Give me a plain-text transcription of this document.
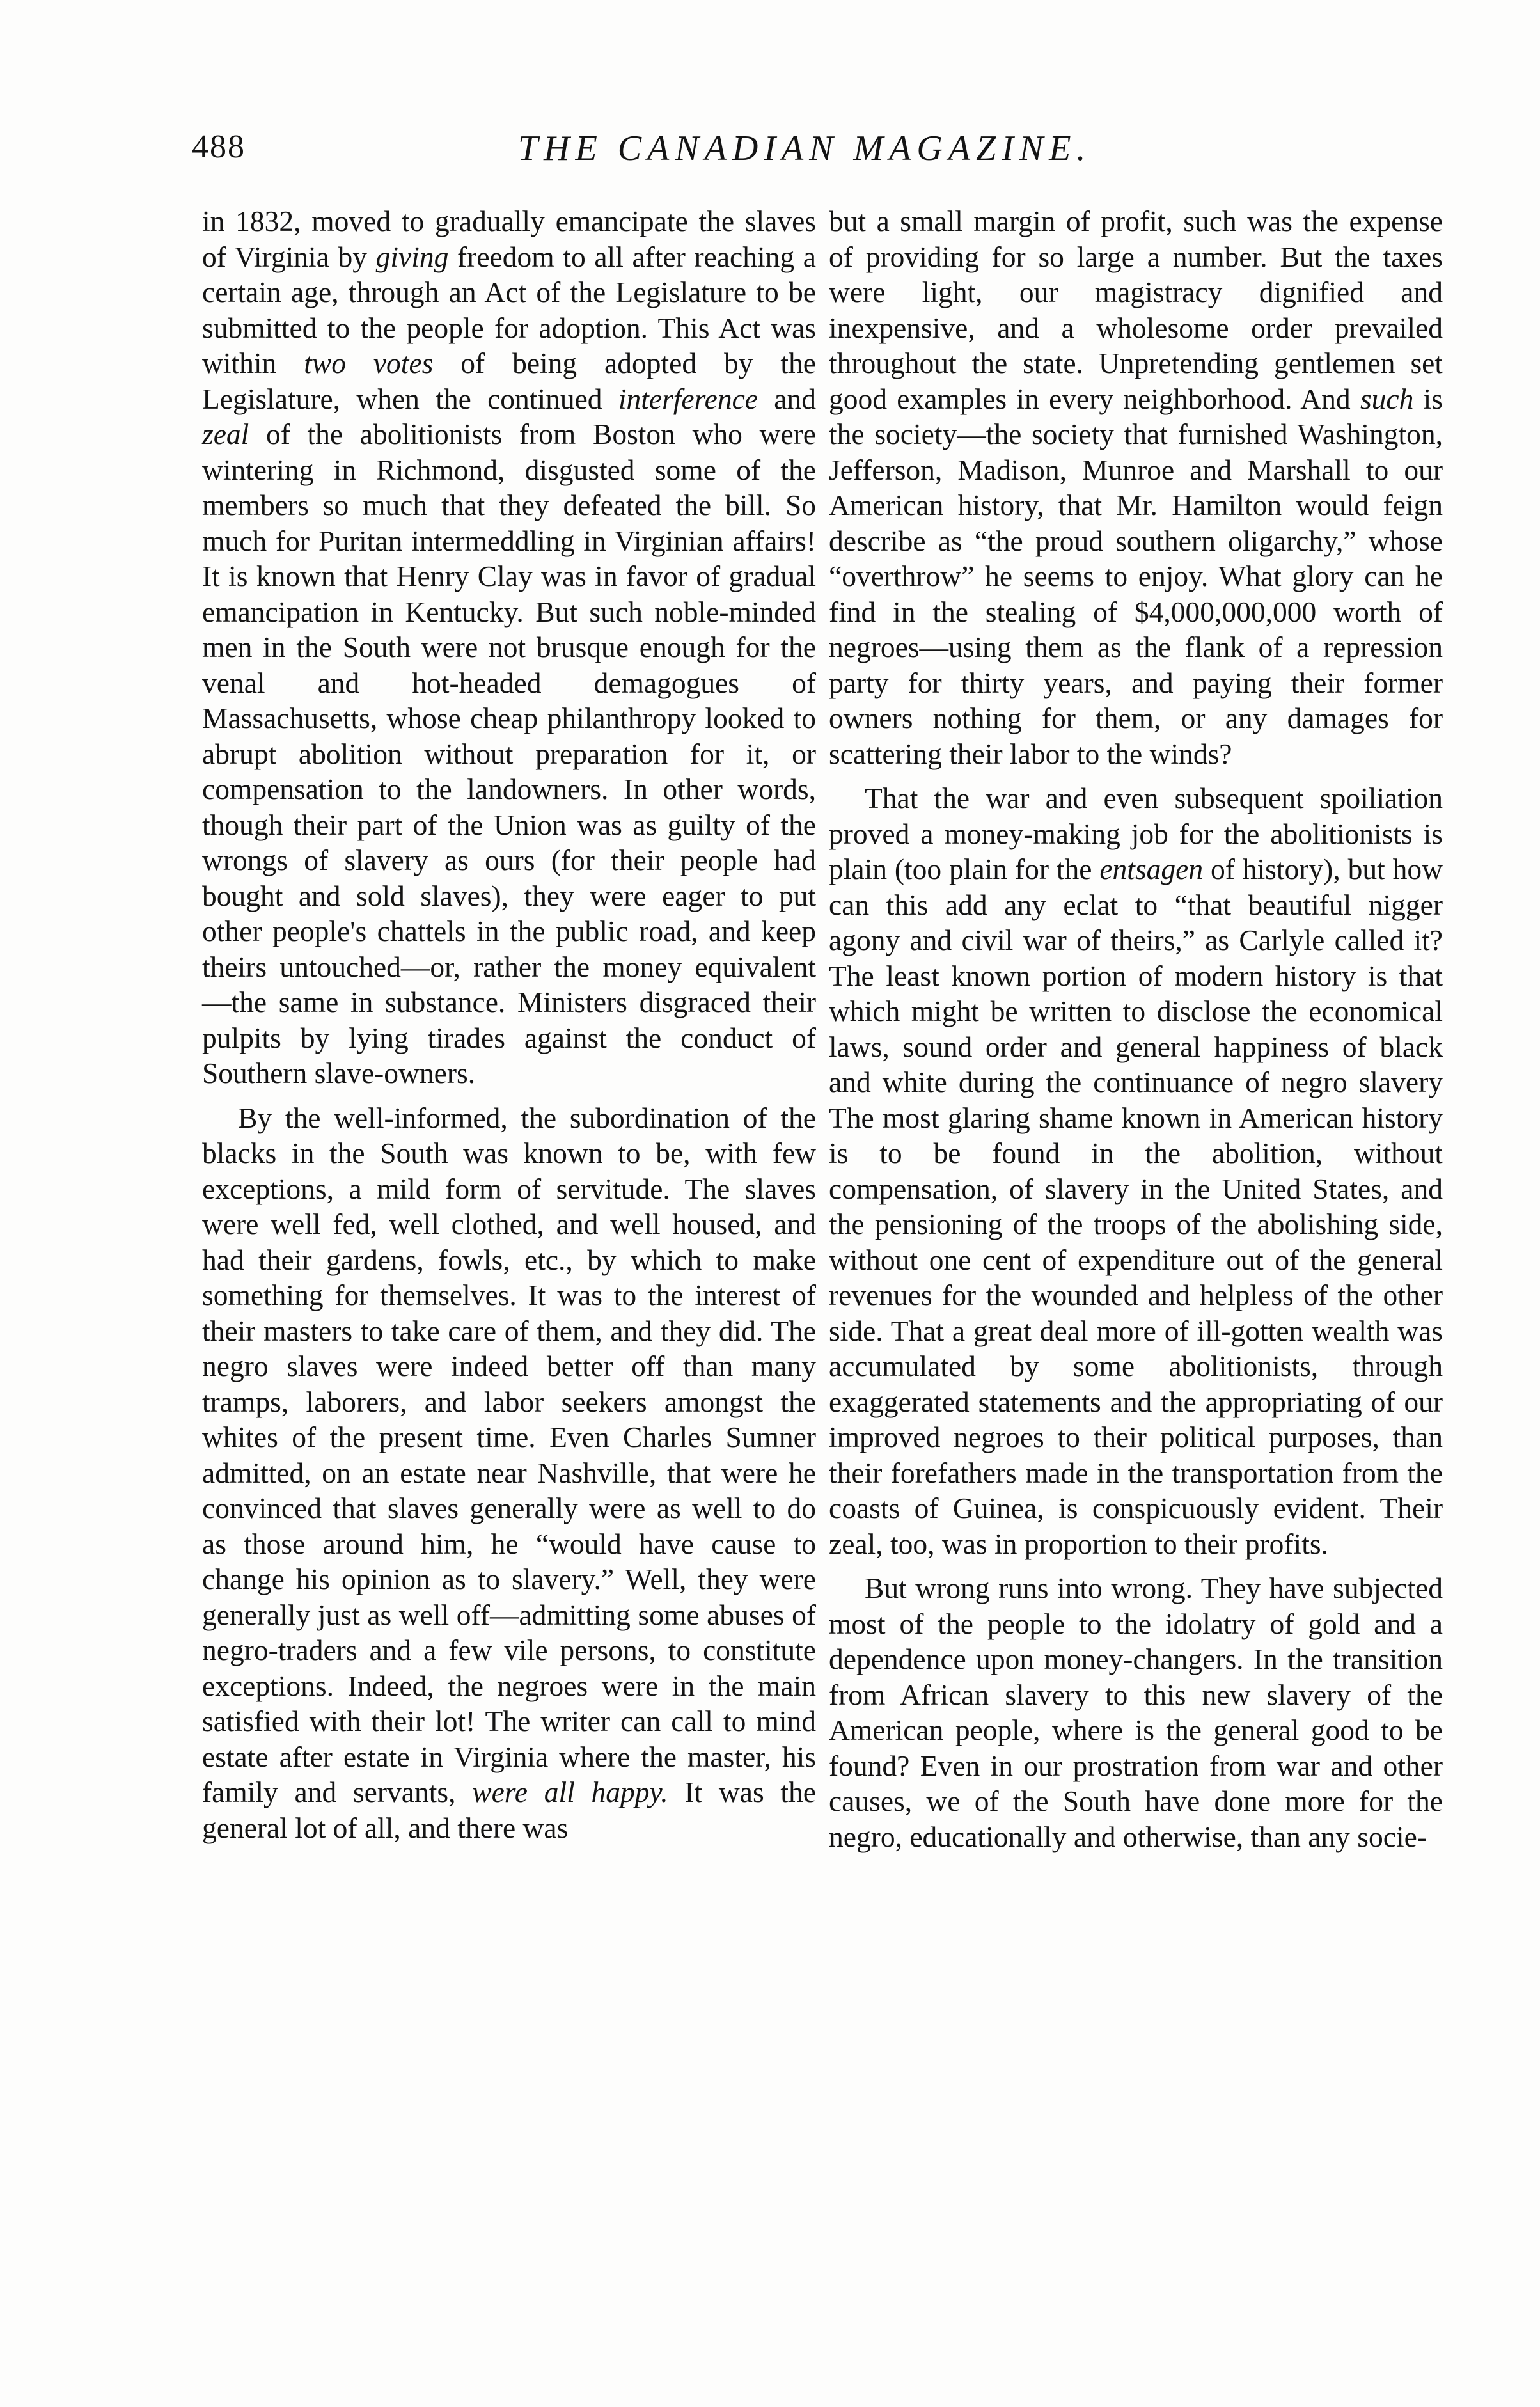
488	THE CANADIAN MAGAZINE.

in 1832, moved to gradually emancipate the slaves of Virginia by giving freedom to all after reaching a certain age, through an Act of the Legislature to be submitted to the people for adoption. This Act was within two votes of being adopted by the Legislature, when the continued interference and zeal of the abolitionists from Boston who were wintering in Richmond, disgusted some of the members so much that they defeated the bill. So much for Puritan intermeddling in Virginian affairs! It is known that Henry Clay was in favor of gradual emancipation in Kentucky. But such noble-minded men in the South were not brusque enough for the venal and hot-headed demagogues of Massachusetts, whose cheap philanthropy looked to abrupt abolition without preparation for it, or compensation to the landowners. In other words, though their part of the Union was as guilty of the wrongs of slavery as ours (for their people had bought and sold slaves), they were eager to put other people's chattels in the public road, and keep theirs untouched—or, rather the money equivalent—the same in substance. Ministers disgraced their pulpits by lying tirades against the conduct of Southern slave-owners.

By the well-informed, the subordination of the blacks in the South was known to be, with few exceptions, a mild form of servitude. The slaves were well fed, well clothed, and well housed, and had their gardens, fowls, etc., by which to make something for themselves. It was to the interest of their masters to take care of them, and they did. The negro slaves were indeed better off than many tramps, laborers, and labor seekers amongst the whites of the present time. Even Charles Sumner admitted, on an estate near Nashville, that were he convinced that slaves generally were as well to do as those around him, he “would have cause to change his opinion as to slavery.” Well, they were generally just as well off—admitting some abuses of negro-traders and a few vile persons, to constitute exceptions. Indeed, the negroes were in the main satisfied with their lot! The writer can call to mind estate after estate in Virginia where the master, his family and servants, were all happy. It was the general lot of all, and there was

but a small margin of profit, such was the expense of providing for so large a number. But the taxes were light, our magistracy dignified and inexpensive, and a wholesome order prevailed throughout the state. Unpretending gentlemen set good examples in every neighborhood. And such is the society—the society that furnished Washington, Jefferson, Madison, Munroe and Marshall to our American history, that Mr. Hamilton would feign describe as “the proud southern oligarchy,” whose “overthrow” he seems to enjoy. What glory can he find in the stealing of $4,000,000,000 worth of negroes—using them as the flank of a repression party for thirty years, and paying their former owners nothing for them, or any damages for scattering their labor to the winds?

That the war and even subsequent spoiliation proved a money-making job for the abolitionists is plain (too plain for the entsagen of history), but how can this add any eclat to “that beautiful nigger agony and civil war of theirs,” as Carlyle called it? The least known portion of modern history is that which might be written to disclose the economical laws, sound order and general happiness of black and white during the continuance of negro slavery The most glaring shame known in American history is to be found in the abolition, without compensation, of slavery in the United States, and the pensioning of the troops of the abolishing side, without one cent of expenditure out of the general revenues for the wounded and helpless of the other side. That a great deal more of ill-gotten wealth was accumulated by some abolitionists, through exaggerated statements and the appropriating of our improved negroes to their political purposes, than their forefathers made in the transportation from the coasts of Guinea, is conspicuously evident. Their zeal, too, was in proportion to their profits.

But wrong runs into wrong. They have subjected most of the people to the idolatry of gold and a dependence upon money-changers. In the transition from African slavery to this new slavery of the American people, where is the general good to be found? Even in our prostration from war and other causes, we of the South have done more for the negro, educationally and otherwise, than any socie-
